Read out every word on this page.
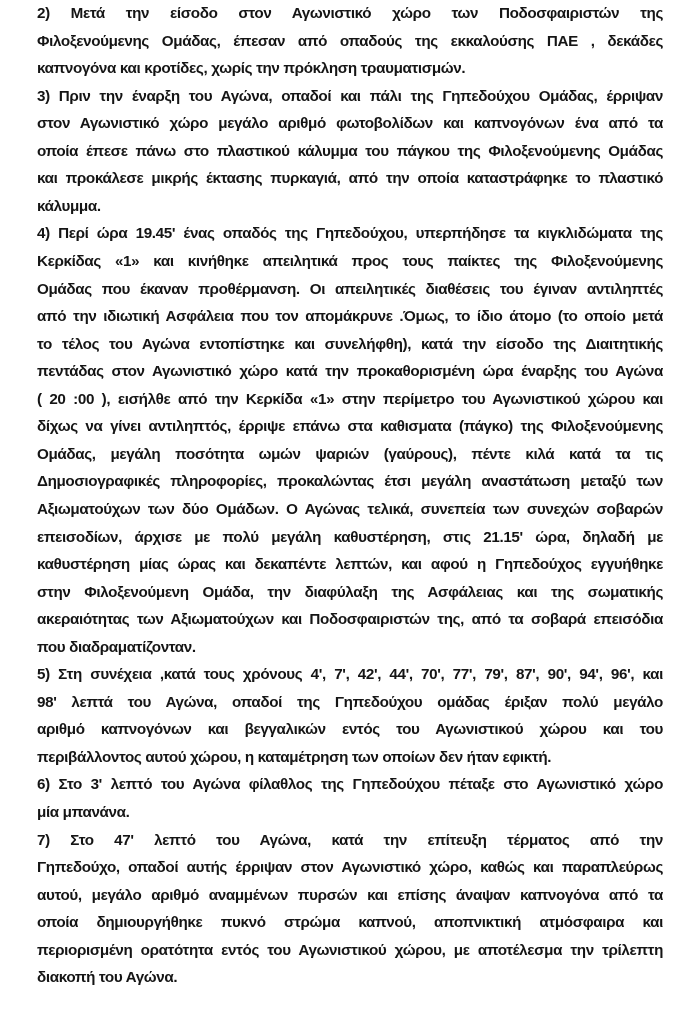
2) Μετά την είσοδο στον Αγωνιστικό χώρο των Ποδοσφαιριστών της
Φιλοξενούμενης Ομάδας, έπεσαν από οπαδούς της εκκαλούσης ΠΑΕ , δεκάδες
καπνογόνα και κροτίδες, χωρίς την πρόκληση τραυματισμών.
3) Πριν την έναρξη του Αγώνα, οπαδοί και πάλι της Γηπεδούχου Ομάδας, έρριψαν
στον Αγωνιστικό χώρο μεγάλο αριθμό φωτοβολίδων και καπνογόνων ένα από τα
οποία έπεσε πάνω στο πλαστικού κάλυμμα του πάγκου της Φιλοξενούμενης Ομάδας
και προκάλεσε μικρής έκτασης πυρκαγιά, από την οποία καταστράφηκε το πλαστικό
κάλυμμα.
4) Περί ώρα 19.45' ένας οπαδός της Γηπεδούχου, υπερπήδησε τα κιγκλιδώματα της
Κερκίδας «1» και κινήθηκε απειλητικά προς τους παίκτες της Φιλοξενούμενης
Ομάδας που έκαναν προθέρμανση. Οι απειλητικές διαθέσεις του έγιναν αντιληπτές
από την ιδιωτική Ασφάλεια που τον απομάκρυνε .Όμως, το ίδιο άτομο (το οποίο μετά
το τέλος του Αγώνα εντοπίστηκε και συνελήφθη), κατά την είσοδο της Διαιτητικής
πεντάδας στον Αγωνιστικό χώρο κατά την προκαθορισμένη ώρα έναρξης του Αγώνα
( 20 :00 ), εισήλθε από την Κερκίδα «1» στην περίμετρο του Αγωνιστικού χώρου και
δίχως να γίνει αντιληπτός, έρριψε επάνω στα καθισματα (πάγκο) της Φιλοξενούμενης
Ομάδας, μεγάλη ποσότητα ωμών ψαριών (γαύρους), πέντε κιλά κατά τα τις
Δημοσιογραφικές πληροφορίες, προκαλώντας έτσι μεγάλη αναστάτωση μεταξύ των
Αξιωματούχων των δύο Ομάδων. Ο Αγώνας τελικά, συνεπεία των συνεχών σοβαρών
επεισοδίων, άρχισε με πολύ μεγάλη καθυστέρηση, στις 21.15' ώρα, δηλαδή με
καθυστέρηση μίας ώρας και δεκαπέντε λεπτών, και αφού η Γηπεδούχος εγγυήθηκε
στην Φιλοξενούμενη Ομάδα, την διαφύλαξη της Ασφάλειας και της σωματικής
ακεραιότητας των Αξιωματούχων και Ποδοσφαιριστών της, από τα σοβαρά επεισόδια
που διαδραματίζονταν.
5) Στη συνέχεια ,κατά τους χρόνους 4', 7', 42', 44', 70', 77', 79', 87', 90', 94', 96', και
98' λεπτά του Αγώνα, οπαδοί της Γηπεδούχου ομάδας έριξαν πολύ μεγάλο
αριθμό καπνογόνων και βεγγαλικών εντός του Αγωνιστικού χώρου και του
περιβάλλοντος αυτού χώρου, η καταμέτρηση των οποίων δεν ήταν εφικτή.
6) Στο 3' λεπτό του Αγώνα φίλαθλος της Γηπεδούχου πέταξε στο Αγωνιστικό χώρο
μία μπανάνα.
7) Στο 47' λεπτό του Αγώνα, κατά την επίτευξη τέρματος από την
Γηπεδούχο, οπαδοί αυτής έρριψαν στον Αγωνιστικό χώρο, καθώς και παραπλεύρως
αυτού, μεγάλο αριθμό αναμμένων πυρσών και επίσης άναψαν καπνογόνα από τα
οποία δημιουργήθηκε πυκνό στρώμα καπνού, αποπνικτική ατμόσφαιρα και
περιορισμένη ορατότητα εντός του Αγωνιστικού χώρου, με αποτέλεσμα την τρίλεπτη
διακοπή του Αγώνα.
